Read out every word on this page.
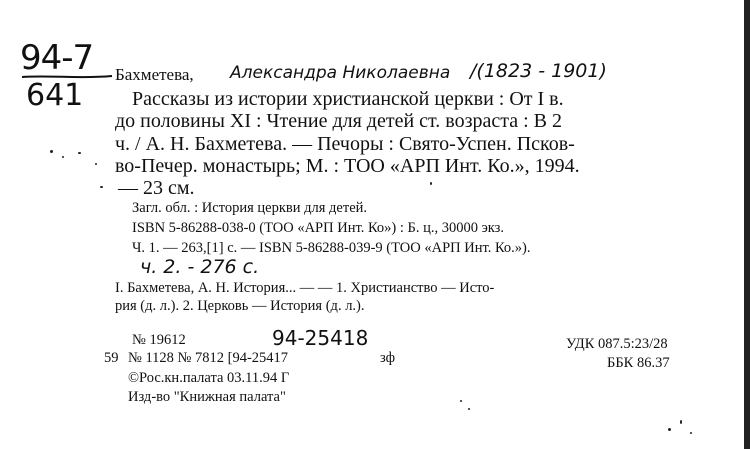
94-7
641
Бахметева, Александра Николаевна /(1823 - 1901)
Рассказы из истории христианской церкви : От I в.
до половины XI : Чтение для детей ст. возраста : В 2
ч. / А. Н. Бахметева. — Печоры : Свято-Успен. Псков-
во-Печер. монастырь; М. : ТОО «АРП Инт. Ко.», 1994.
— 23 см.
Загл. обл. : История церкви для детей.
ISBN 5-86288-038-0 (ТОО «АРП Инт. Ко») : Б. ц., 30000 экз.
Ч. 1. — 263,[1] с. — ISBN 5-86288-039-9 (ТОО «АРП Инт. Ко.»).
ч. 2. - 276 с.
I. Бахметева, А. Н. История... — — 1. Христианство — Исто-
рия (д. л.). 2. Церковь — История (д. л.).
№ 19612	94-25418
59 № 1128 № 7812 [94-25417	зф
©Рос.кн.палата 03.11.94 Г
Изд-во "Книжная палата"
УДК 087.5:23/28
ББК 86.37
